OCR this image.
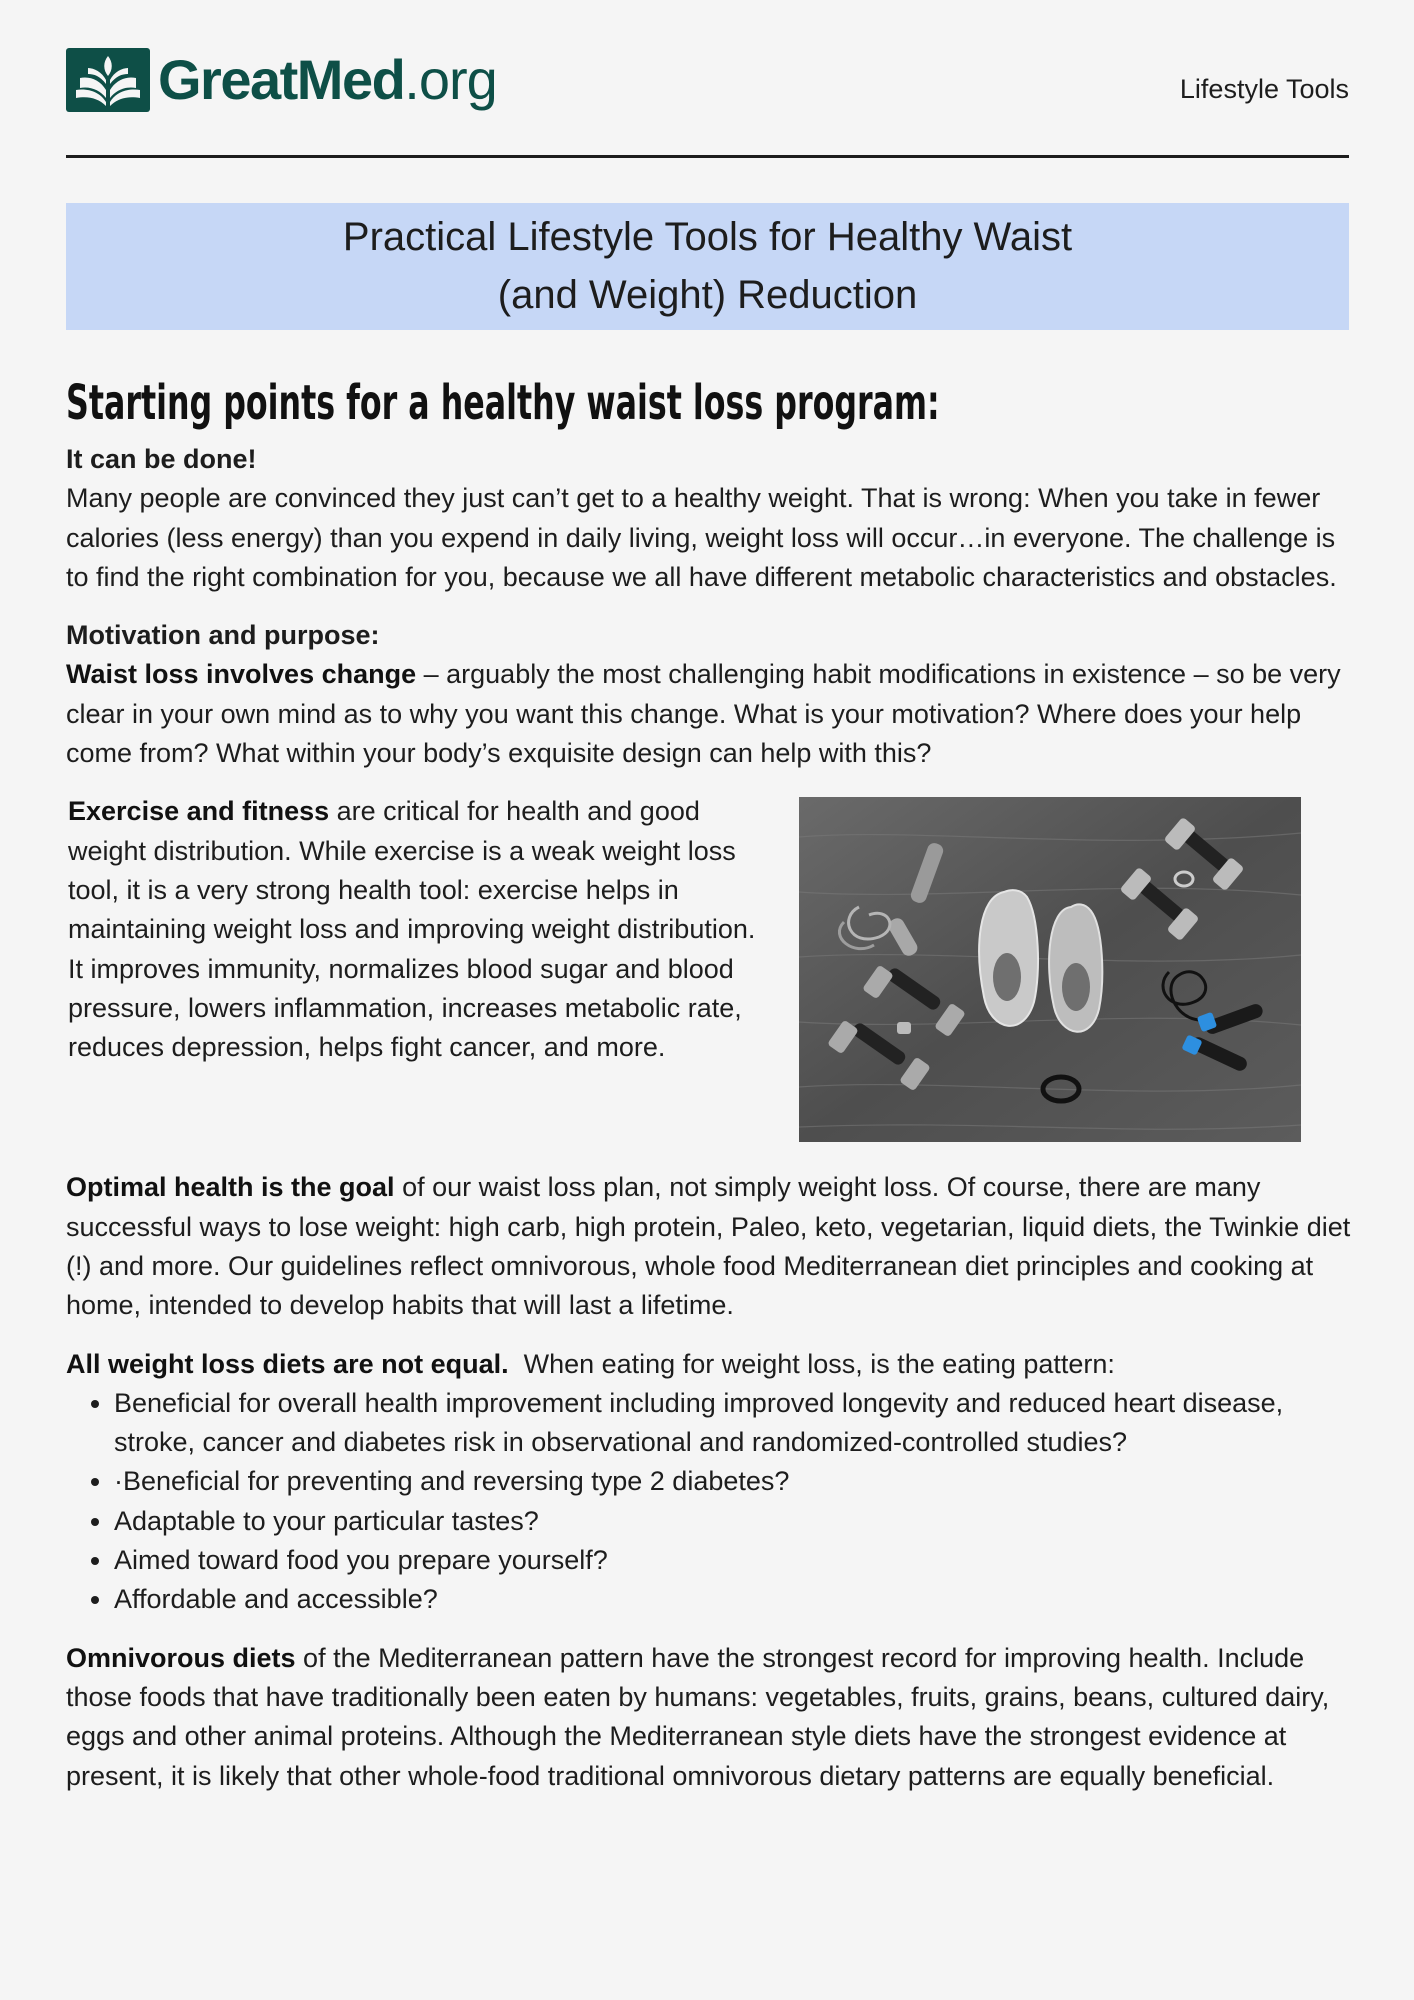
GreatMed.org	Lifestyle Tools
Practical Lifestyle Tools for Healthy Waist
(and Weight) Reduction
Starting points for a healthy waist loss program:

It can be done!
Many people are convinced they just can’t get to a healthy weight. That is wrong: When you take in fewer calories (less energy) than you expend in daily living, weight loss will occur…in everyone. The challenge is to find the right combination for you, because we all have different metabolic characteristics and obstacles.

Motivation and purpose:
Waist loss involves change – arguably the most challenging habit modifications in existence – so be very clear in your own mind as to why you want this change. What is your motivation? Where does your help come from? What within your body’s exquisite design can help with this?

Exercise and fitness are critical for health and good weight distribution. While exercise is a weak weight loss tool, it is a very strong health tool: exercise helps in maintaining weight loss and improving weight distribution. It improves immunity, normalizes blood sugar and blood pressure, lowers inflammation, increases metabolic rate, reduces depression, helps fight cancer, and more.

Optimal health is the goal of our waist loss plan, not simply weight loss. Of course, there are many successful ways to lose weight: high carb, high protein, Paleo, keto, vegetarian, liquid diets, the Twinkie diet (!) and more. Our guidelines reflect omnivorous, whole food Mediterranean diet principles and cooking at home, intended to develop habits that will last a lifetime.

All weight loss diets are not equal.  When eating for weight loss, is the eating pattern:

• Beneficial for overall health improvement including improved longevity and reduced heart disease, stroke, cancer and diabetes risk in observational and randomized-controlled studies?
• ·Beneficial for preventing and reversing type 2 diabetes?
• Adaptable to your particular tastes?
• Aimed toward food you prepare yourself?
• Affordable and accessible?

Omnivorous diets of the Mediterranean pattern have the strongest record for improving health. Include those foods that have traditionally been eaten by humans: vegetables, fruits, grains, beans, cultured dairy, eggs and other animal proteins. Although the Mediterranean style diets have the strongest evidence at present, it is likely that other whole-food traditional omnivorous dietary patterns are equally beneficial.
